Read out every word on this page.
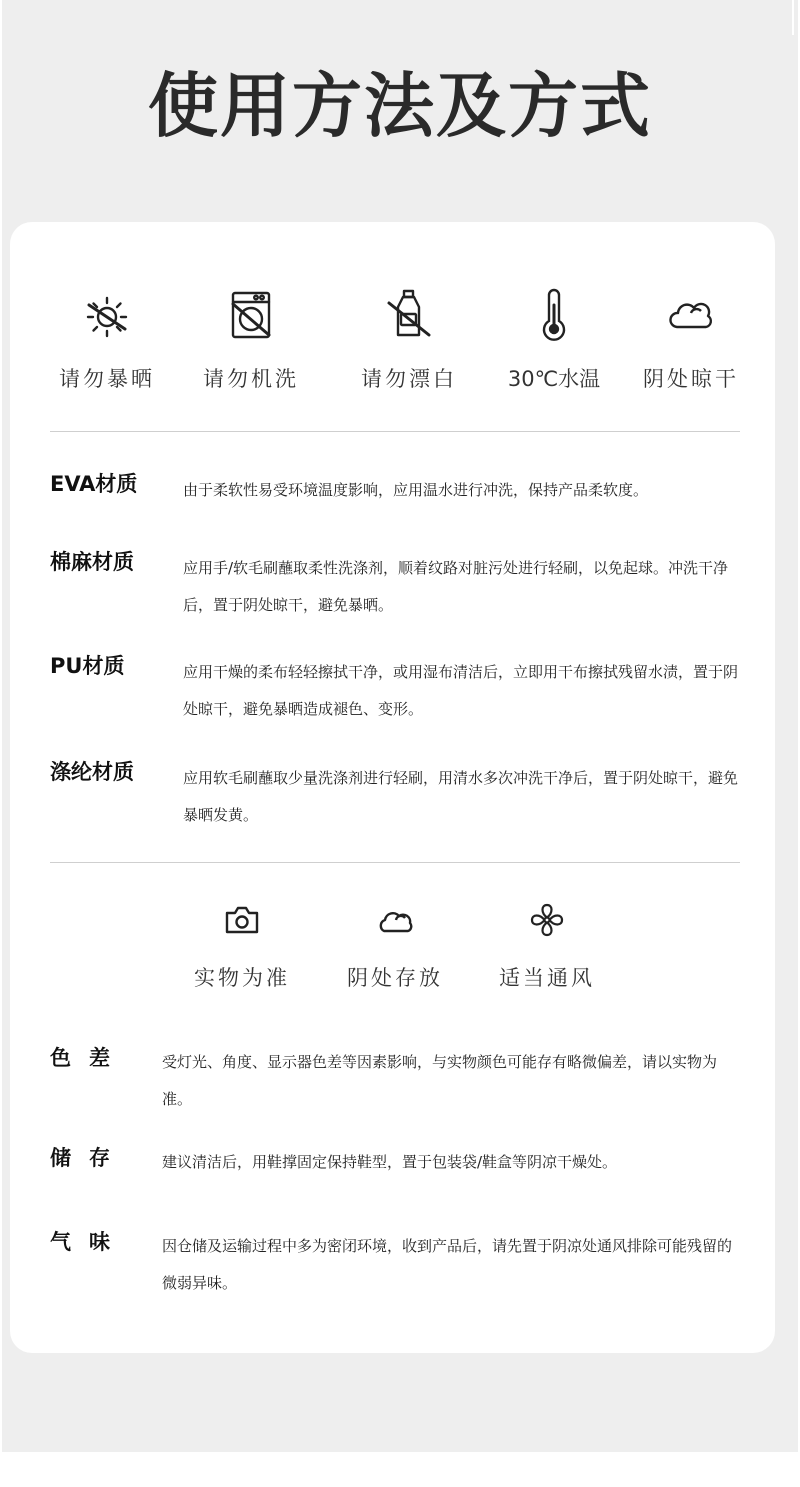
使用方法及方式
请勿暴晒	请勿机洗	请勿漂白	30℃水温	阴处晾干
EVA材质	由于柔软性易受环境温度影响，应用温水进行冲洗，保持产品柔软度。
棉麻材质	应用手/软毛刷蘸取柔性洗涤剂，顺着纹路对脏污处进行轻刷，以免起球。冲洗干净后，置于阴处晾干，避免暴晒。
PU材质	应用干燥的柔布轻轻擦拭干净，或用湿布清洁后，立即用干布擦拭残留水渍，置于阴处晾干，避免暴晒造成褪色、变形。
涤纶材质	应用软毛刷蘸取少量洗涤剂进行轻刷，用清水多次冲洗干净后，置于阴处晾干，避免暴晒发黄。
实物为准	阴处存放	适当通风
色差 受灯光、角度、显示器色差等因素影响，与实物颜色可能存有略微偏差，请以实物为准。
储存 建议清洁后，用鞋撑固定保持鞋型，置于包装袋/鞋盒等阴凉干燥处。
气味 因仓储及运输过程中多为密闭环境，收到产品后，请先置于阴凉处通风排除可能残留的微弱异味。
